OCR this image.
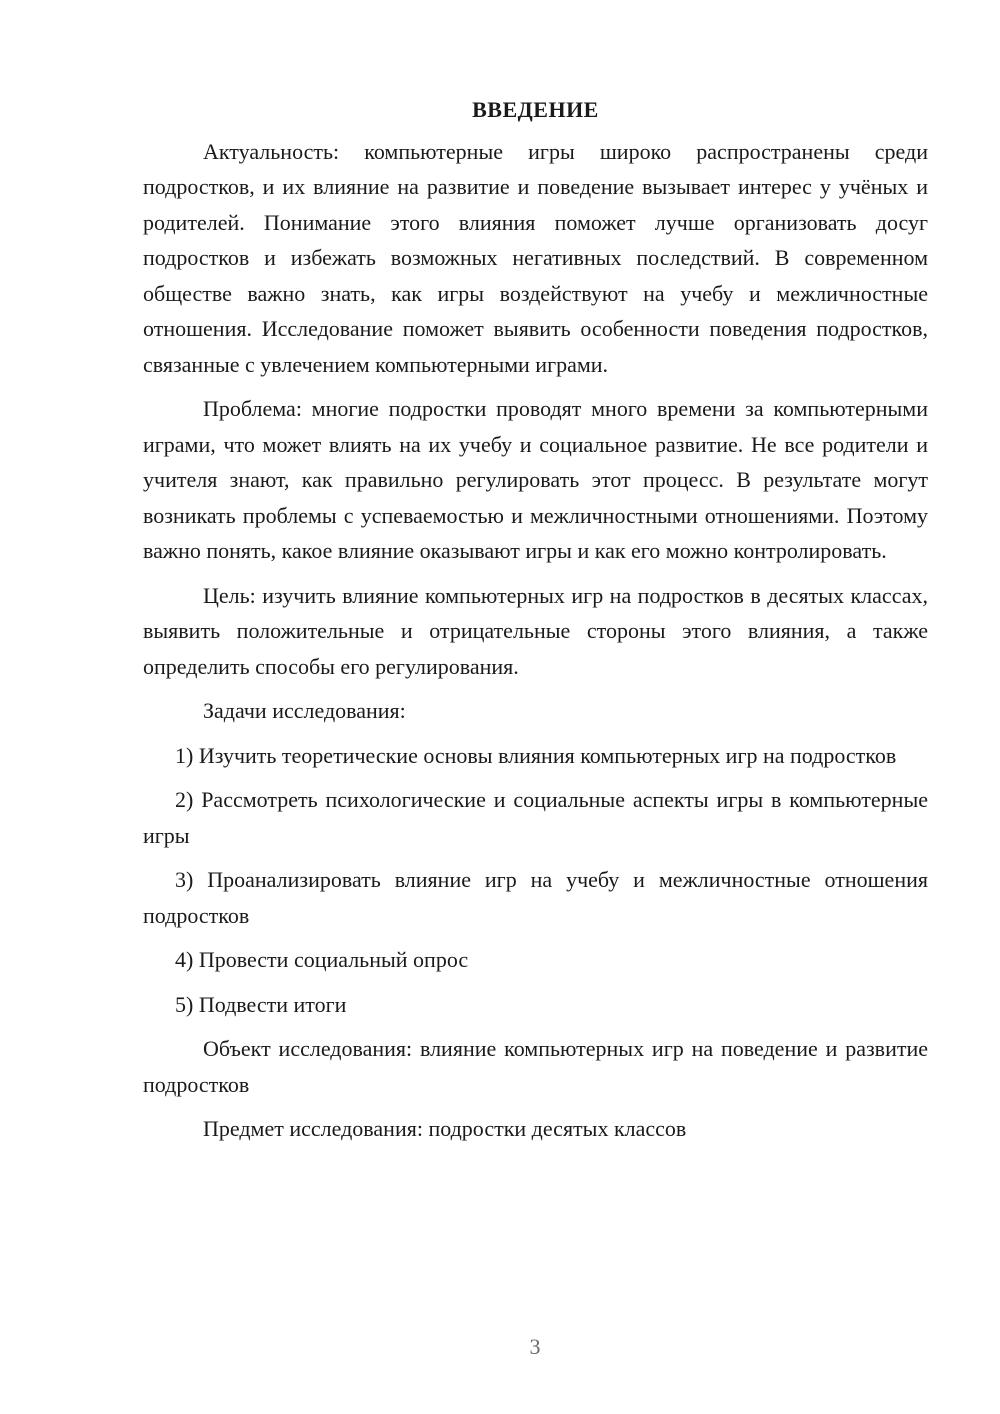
ВВЕДЕНИЕ

Актуальность: компьютерные игры широко распространены среди подростков, и их влияние на развитие и поведение вызывает интерес у учёных и родителей. Понимание этого влияния поможет лучше организовать досуг подростков и избежать возможных негативных последствий. В современном обществе важно знать, как игры воздействуют на учебу и межличностные отношения. Исследование поможет выявить особенности поведения подростков, связанные с увлечением компьютерными играми.

Проблема: многие подростки проводят много времени за компьютерными играми, что может влиять на их учебу и социальное развитие. Не все родители и учителя знают, как правильно регулировать этот процесс. В результате могут возникать проблемы с успеваемостью и межличностными отношениями. Поэтому важно понять, какое влияние оказывают игры и как его можно контролировать.

Цель: изучить влияние компьютерных игр на подростков в десятых классах, выявить положительные и отрицательные стороны этого влияния, а также определить способы его регулирования.

Задачи исследования:

1) Изучить теоретические основы влияния компьютерных игр на подростков

2) Рассмотреть психологические и социальные аспекты игры в компьютерные игры

3) Проанализировать влияние игр на учебу и межличностные отношения подростков

4) Провести социальный опрос

5) Подвести итоги

Объект исследования: влияние компьютерных игр на поведение и развитие подростков

Предмет исследования: подростки десятых классов

3
